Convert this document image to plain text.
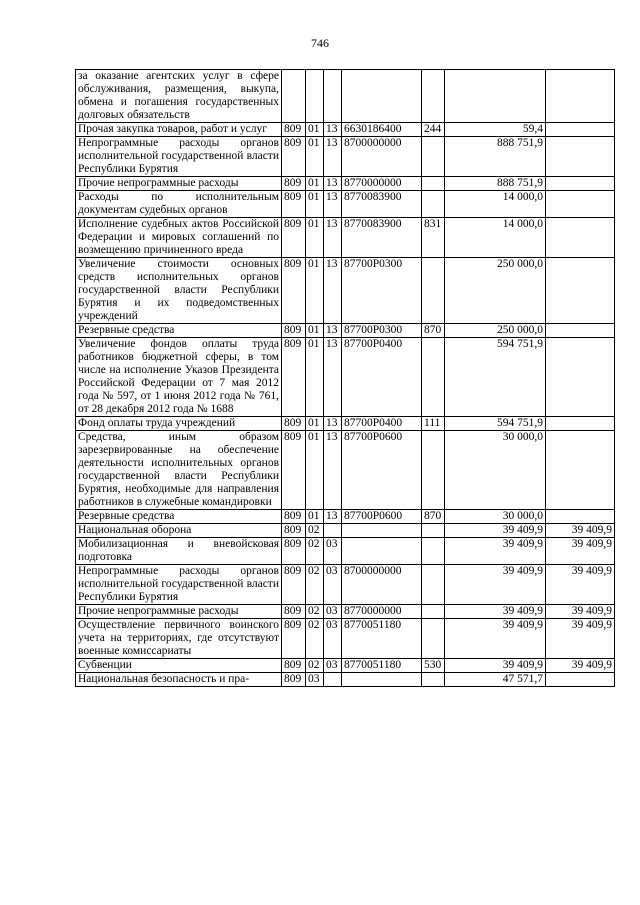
746
за оказание агентских услуг в сфере обслуживания, размещения, выкупа, обмена и погашения государственных долговых обязательств							
Прочая закупка товаров, работ и услуг	809	01	13	6630186400	244	59,4	
Непрограммные расходы органов исполнительной государственной власти Республики Бурятия	809	01	13	8700000000		888 751,9	
Прочие непрограммные расходы	809	01	13	8770000000		888 751,9	
Расходы по исполнительным документам судебных органов	809	01	13	8770083900		14 000,0	
Исполнение судебных актов Российской Федерации и мировых соглашений по возмещению причиненного вреда	809	01	13	8770083900	831	14 000,0	
Увеличение стоимости основных средств исполнительных органов государственной власти Республики Бурятия и их подведомственных учреждений	809	01	13	87700P0300		250 000,0	
Резервные средства	809	01	13	87700P0300	870	250 000,0	
Увеличение фондов оплаты труда работников бюджетной сферы, в том числе на исполнение Указов Президента Российской Федерации от 7 мая 2012 года № 597, от 1 июня 2012 года № 761, от 28 декабря 2012 года № 1688	809	01	13	87700P0400		594 751,9	
Фонд оплаты труда учреждений	809	01	13	87700P0400	111	594 751,9	
Средства, иным образом зарезервированные на обеспечение деятельности исполнительных органов государственной власти Республики Бурятия, необходимые для направления работников в служебные командировки	809	01	13	87700P0600		30 000,0	
Резервные средства	809	01	13	87700P0600	870	30 000,0	
Национальная оборона	809	02				39 409,9	39 409,9
Мобилизационная и вневойсковая подготовка	809	02	03			39 409,9	39 409,9
Непрограммные расходы органов исполнительной государственной власти Республики Бурятия	809	02	03	8700000000		39 409,9	39 409,9
Прочие непрограммные расходы	809	02	03	8770000000		39 409,9	39 409,9
Осуществление первичного воинского учета на территориях, где отсутствуют военные комиссариаты	809	02	03	8770051180		39 409,9	39 409,9
Субвенции	809	02	03	8770051180	530	39 409,9	39 409,9
Национальная безопасность и пра-	809	03				47 571,7	
